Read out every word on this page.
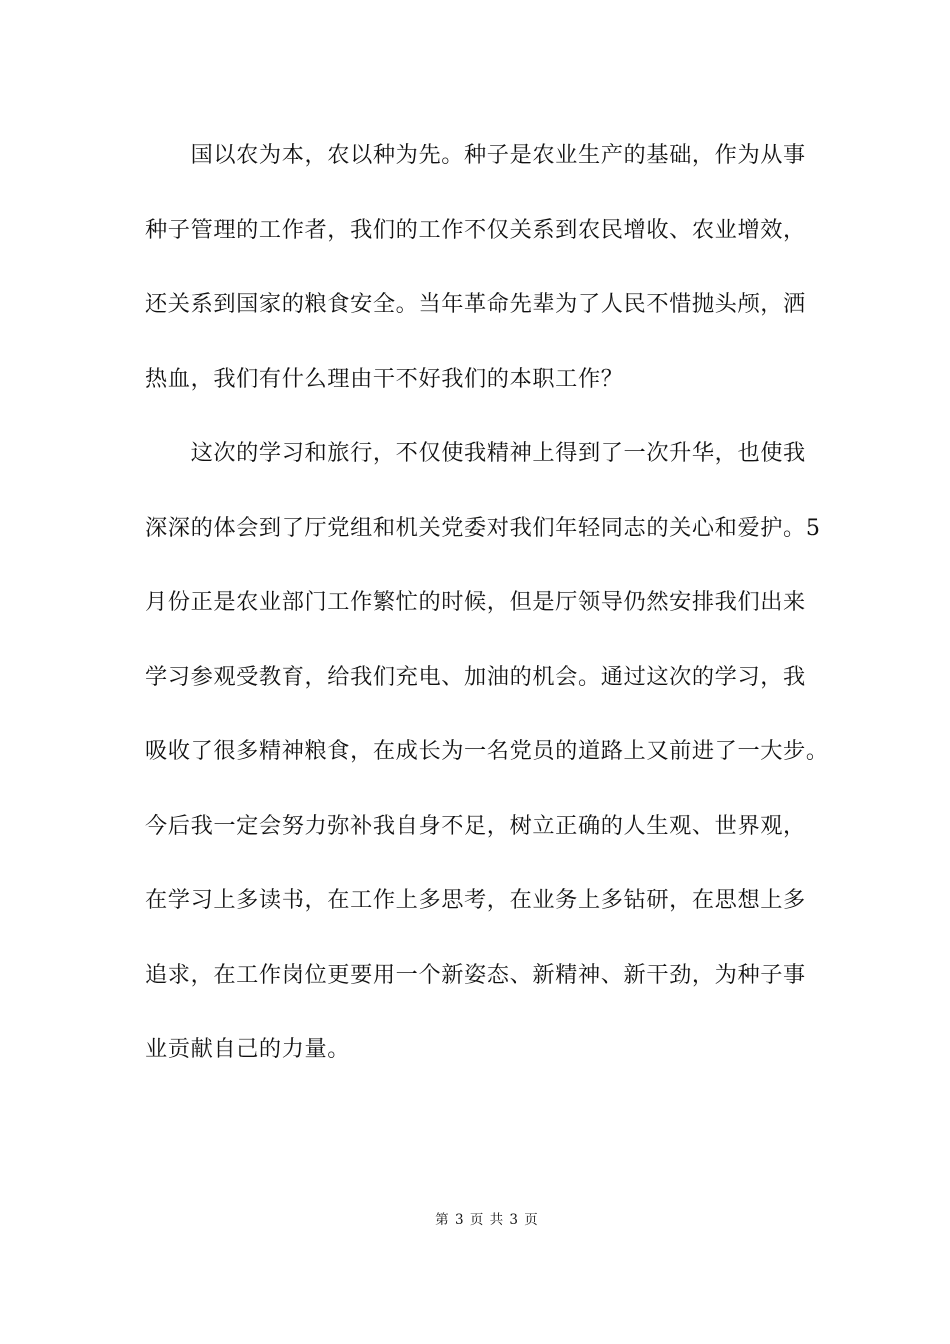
　　国以农为本，农以种为先。种子是农业生产的基础，作为从事
种子管理的工作者，我们的工作不仅关系到农民增收、农业增效，
还关系到国家的粮食安全。当年革命先辈为了人民不惜抛头颅，洒
热血，我们有什么理由干不好我们的本职工作？
　　这次的学习和旅行，不仅使我精神上得到了一次升华，也使我
深深的体会到了厅党组和机关党委对我们年轻同志的关心和爱护。5
月份正是农业部门工作繁忙的时候，但是厅领导仍然安排我们出来
学习参观受教育，给我们充电、加油的机会。通过这次的学习，我
吸收了很多精神粮食，在成长为一名党员的道路上又前进了一大步。
今后我一定会努力弥补我自身不足，树立正确的人生观、世界观，
在学习上多读书，在工作上多思考，在业务上多钻研，在思想上多
追求，在工作岗位更要用一个新姿态、新精神、新干劲，为种子事
业贡献自己的力量。
第 3 页 共 3 页
